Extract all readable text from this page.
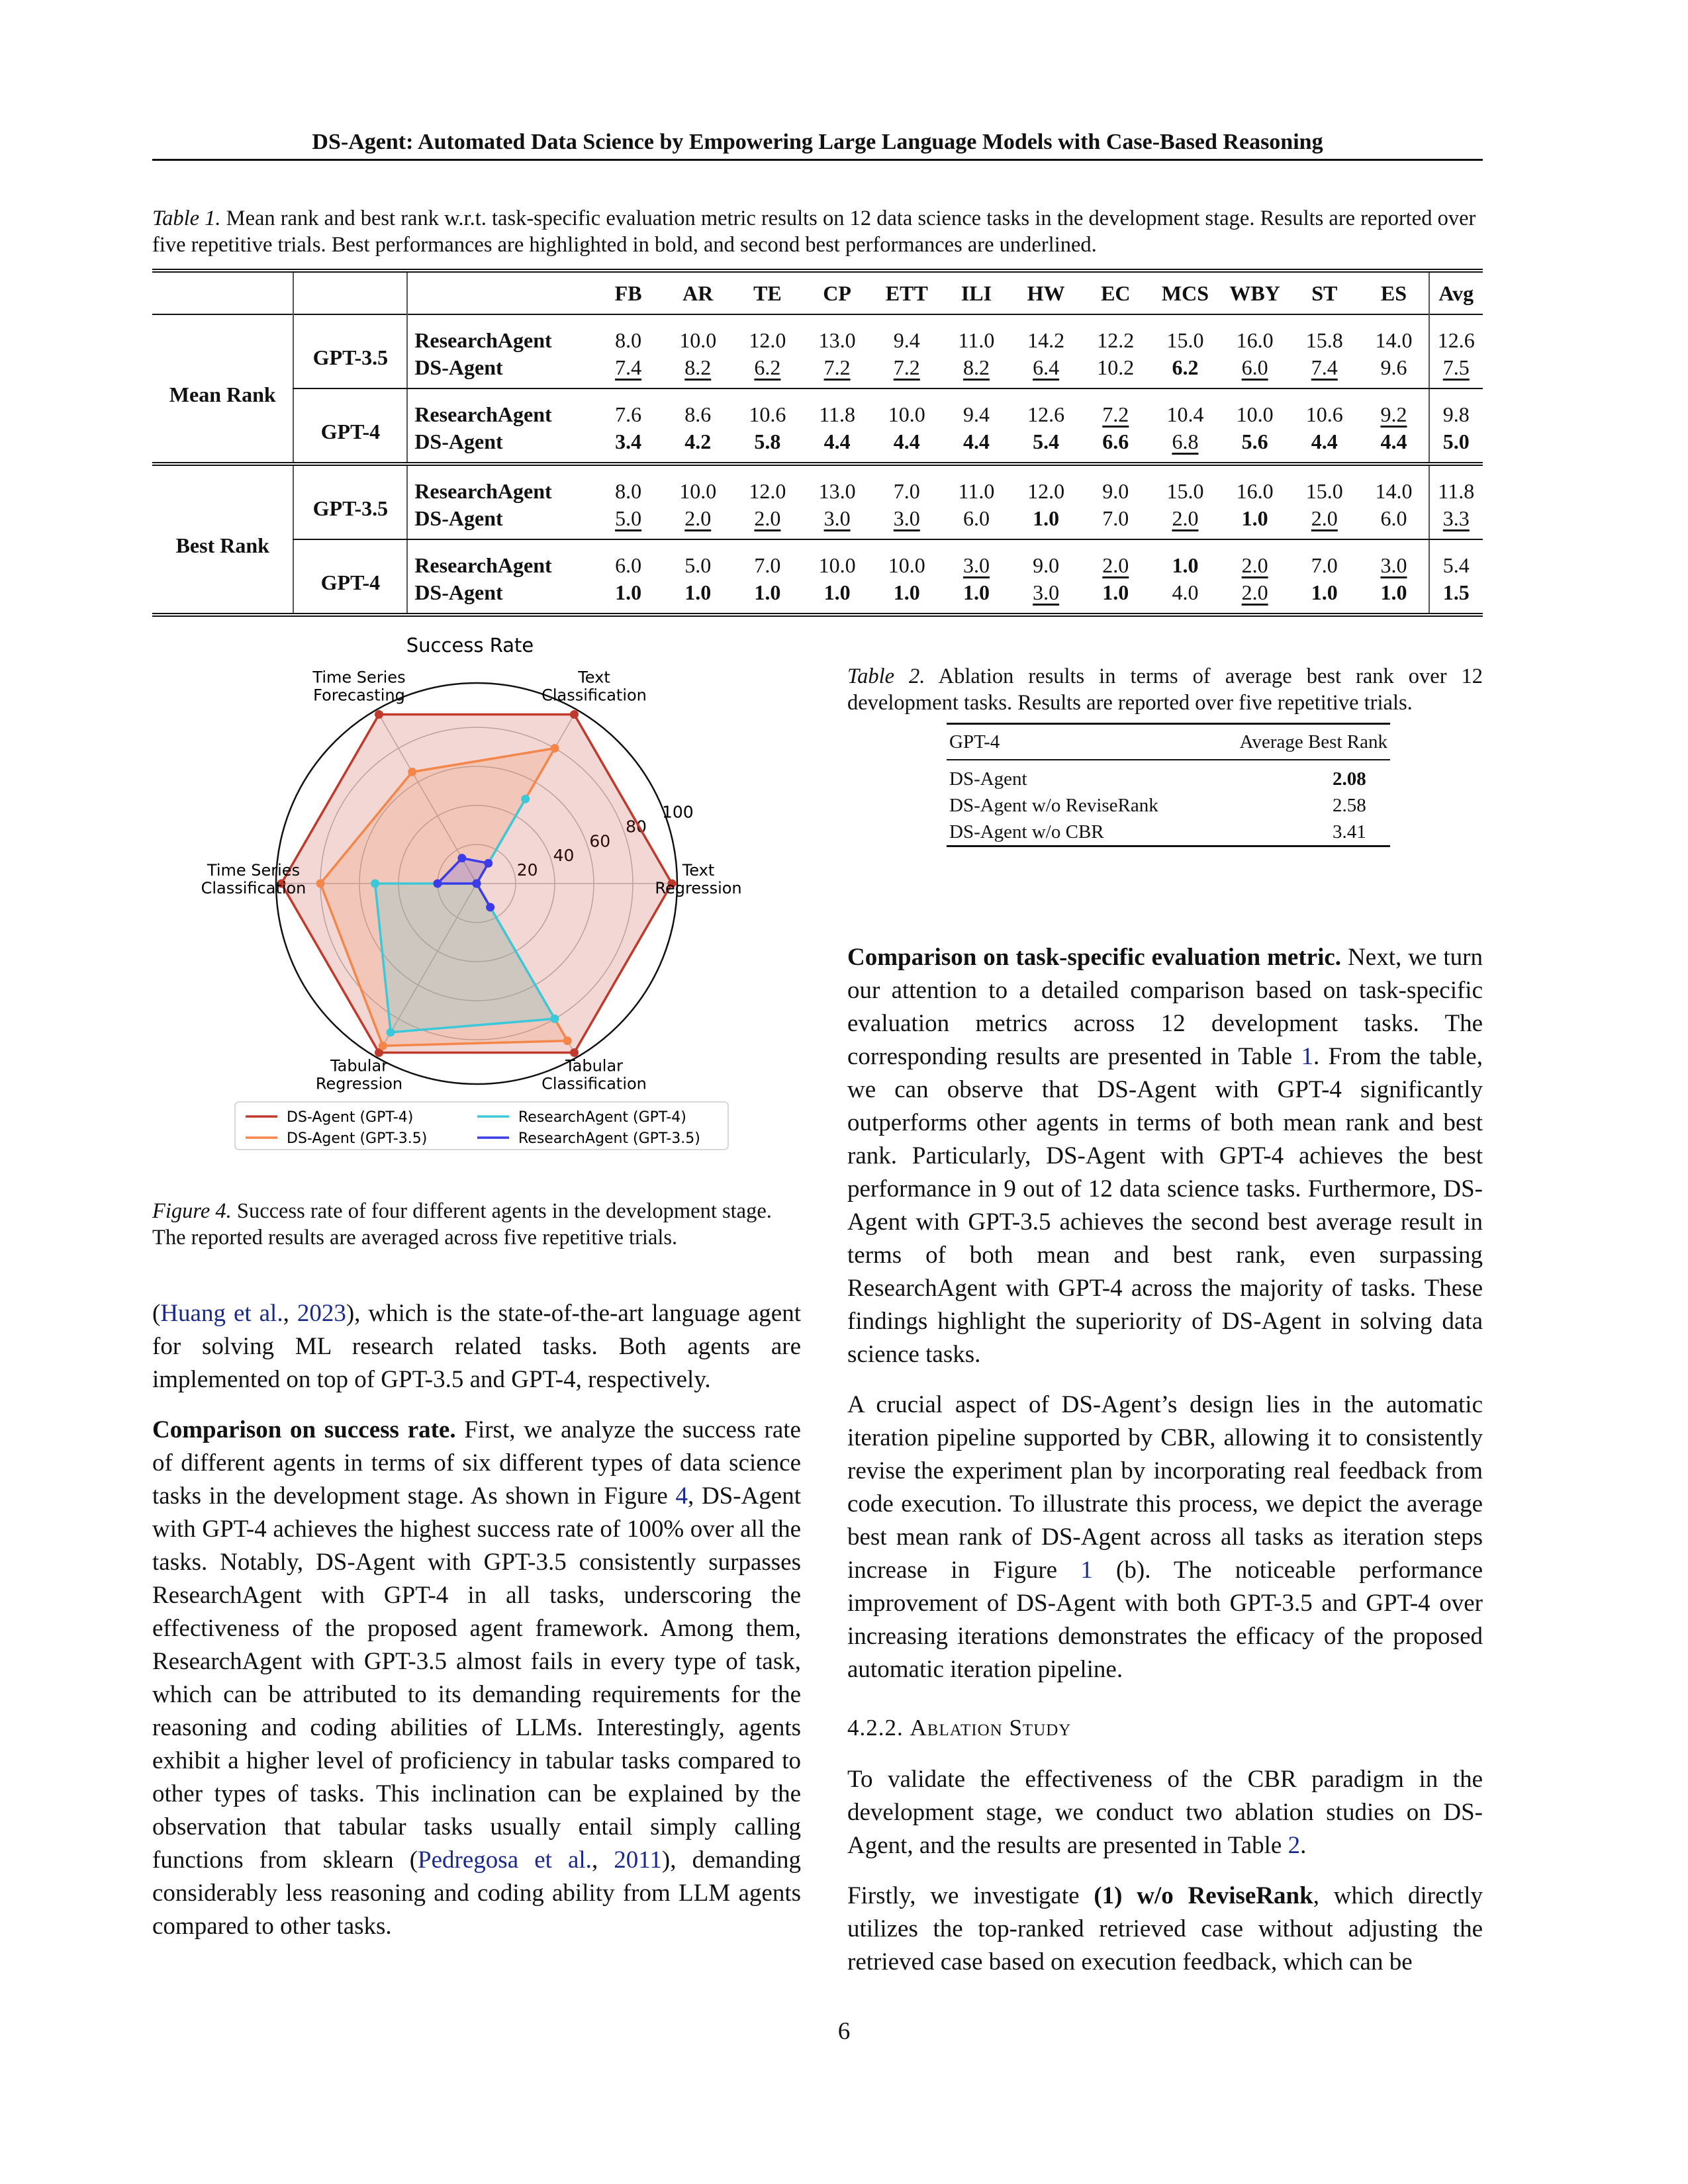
DS-Agent: Automated Data Science by Empowering Large Language Models with Case-Based Reasoning
Table 1. Mean rank and best rank w.r.t. task-specific evaluation metric results on 12 data science tasks in the development stage. Results are reported over five repetitive trials. Best performances are highlighted in bold, and second best performances are underlined.
			FB	AR	TE	CP	ETT	ILI	HW	EC	MCS	WBY	ST	ES	Avg
Mean Rank	GPT-3.5	ResearchAgent	8.0	10.0	12.0	13.0	9.4	11.0	14.2	12.2	15.0	16.0	15.8	14.0	12.6
		DS-Agent	7.4	8.2	6.2	7.2	7.2	8.2	6.4	10.2	6.2	6.0	7.4	9.6	7.5
	GPT-4	ResearchAgent	7.6	8.6	10.6	11.8	10.0	9.4	12.6	7.2	10.4	10.0	10.6	9.2	9.8
		DS-Agent	3.4	4.2	5.8	4.4	4.4	4.4	5.4	6.6	6.8	5.6	4.4	4.4	5.0
Best Rank	GPT-3.5	ResearchAgent	8.0	10.0	12.0	13.0	7.0	11.0	12.0	9.0	15.0	16.0	15.0	14.0	11.8
		DS-Agent	5.0	2.0	2.0	3.0	3.0	6.0	1.0	7.0	2.0	1.0	2.0	6.0	3.3
	GPT-4	ResearchAgent	6.0	5.0	7.0	10.0	10.0	3.0	9.0	2.0	1.0	2.0	7.0	3.0	5.4
		DS-Agent	1.0	1.0	1.0	1.0	1.0	1.0	3.0	1.0	4.0	2.0	1.0	1.0	1.5
Success Rate
20
40
60
80
100
Text Regression
Text Classification
Time Series Forecasting
Time Series Classification
Tabular Regression
Tabular Classification
DS-Agent (GPT-4)
DS-Agent (GPT-3.5)
ResearchAgent (GPT-4)
ResearchAgent (GPT-3.5)
Figure 4. Success rate of four different agents in the development stage. The reported results are averaged across five repetitive trials.
Table 2. Ablation results in terms of average best rank over 12 development tasks. Results are reported over five repetitive trials.
GPT-4	Average Best Rank
DS-Agent	2.08
DS-Agent w/o ReviseRank	2.58
DS-Agent w/o CBR	3.41
(Huang et al., 2023), which is the state-of-the-art language agent for solving ML research related tasks. Both agents are implemented on top of GPT-3.5 and GPT-4, respectively.
Comparison on success rate. First, we analyze the success rate of different agents in terms of six different types of data science tasks in the development stage. As shown in Figure 4, DS-Agent with GPT-4 achieves the highest success rate of 100% over all the tasks. Notably, DS-Agent with GPT-3.5 consistently surpasses ResearchAgent with GPT-4 in all tasks, underscoring the effectiveness of the proposed agent framework. Among them, ResearchAgent with GPT-3.5 almost fails in every type of task, which can be attributed to its demanding requirements for the reasoning and coding abilities of LLMs. Interestingly, agents exhibit a higher level of proficiency in tabular tasks compared to other types of tasks. This inclination can be explained by the observation that tabular tasks usually entail simply calling functions from sklearn (Pedregosa et al., 2011), demanding considerably less reasoning and coding ability from LLM agents compared to other tasks.
Comparison on task-specific evaluation metric. Next, we turn our attention to a detailed comparison based on task-specific evaluation metrics across 12 development tasks. The corresponding results are presented in Table 1. From the table, we can observe that DS-Agent with GPT-4 significantly outperforms other agents in terms of both mean rank and best rank. Particularly, DS-Agent with GPT-4 achieves the best performance in 9 out of 12 data science tasks. Furthermore, DS-Agent with GPT-3.5 achieves the second best average result in terms of both mean and best rank, even surpassing ResearchAgent with GPT-4 across the majority of tasks. These findings highlight the superiority of DS-Agent in solving data science tasks.
A crucial aspect of DS-Agent’s design lies in the automatic iteration pipeline supported by CBR, allowing it to consistently revise the experiment plan by incorporating real feedback from code execution. To illustrate this process, we depict the average best mean rank of DS-Agent across all tasks as iteration steps increase in Figure 1 (b). The noticeable performance improvement of DS-Agent with both GPT-3.5 and GPT-4 over increasing iterations demonstrates the efficacy of the proposed automatic iteration pipeline.
4.2.2. Ablation Study
To validate the effectiveness of the CBR paradigm in the development stage, we conduct two ablation studies on DS-Agent, and the results are presented in Table 2.
Firstly, we investigate (1) w/o ReviseRank, which directly utilizes the top-ranked retrieved case without adjusting the retrieved case based on execution feedback, which can be
6
